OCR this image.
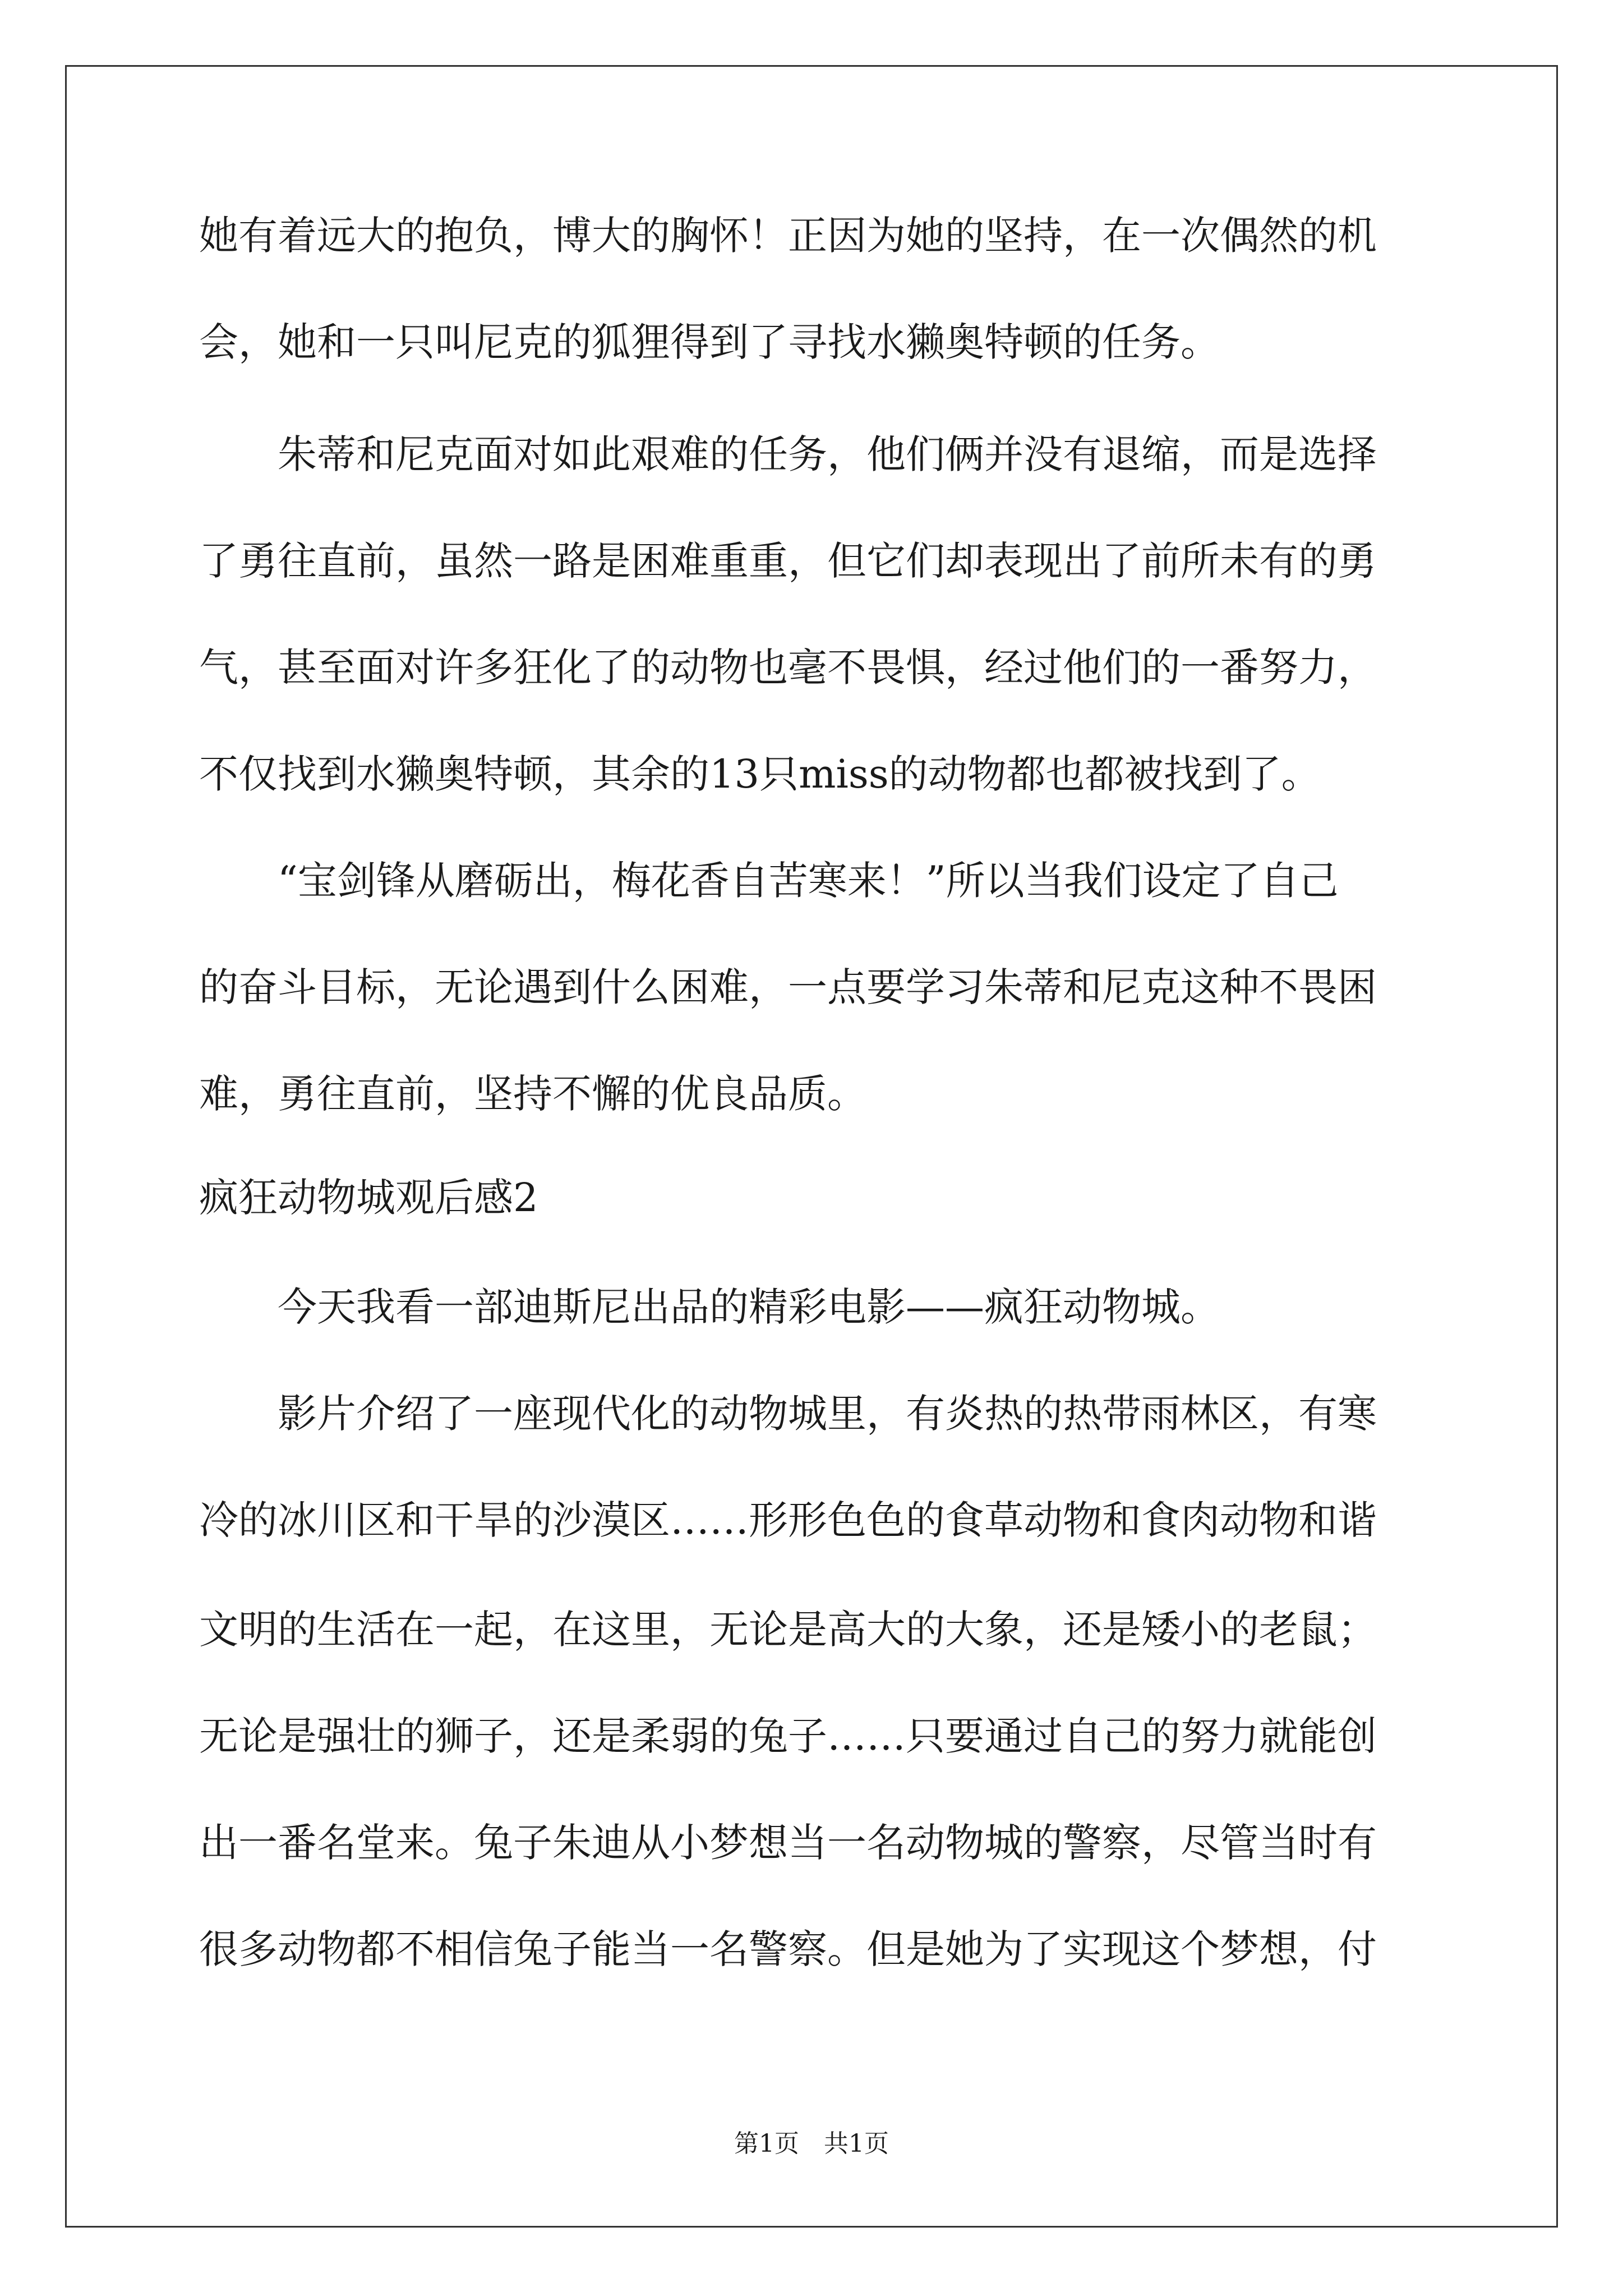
她有着远大的抱负，博大的胸怀！正因为她的坚持，在一次偶然的机
会，她和一只叫尼克的狐狸得到了寻找水獭奥特顿的任务。
　　朱蒂和尼克面对如此艰难的任务，他们俩并没有退缩，而是选择
了勇往直前，虽然一路是困难重重，但它们却表现出了前所未有的勇
气，甚至面对许多狂化了的动物也毫不畏惧，经过他们的一番努力，
不仅找到水獭奥特顿，其余的13只miss的动物都也都被找到了。
　　“宝剑锋从磨砺出，梅花香自苦寒来！”所以当我们设定了自己
的奋斗目标，无论遇到什么困难，一点要学习朱蒂和尼克这种不畏困
难，勇往直前，坚持不懈的优良品质。
疯狂动物城观后感2
　　今天我看一部迪斯尼出品的精彩电影——疯狂动物城。
　　影片介绍了一座现代化的动物城里，有炎热的热带雨林区，有寒
冷的冰川区和干旱的沙漠区……形形色色的食草动物和食肉动物和谐
文明的生活在一起，在这里，无论是高大的大象，还是矮小的老鼠；
无论是强壮的狮子，还是柔弱的兔子……只要通过自己的努力就能创
出一番名堂来。兔子朱迪从小梦想当一名动物城的警察，尽管当时有
很多动物都不相信兔子能当一名警察。但是她为了实现这个梦想，付
第1页　共1页
